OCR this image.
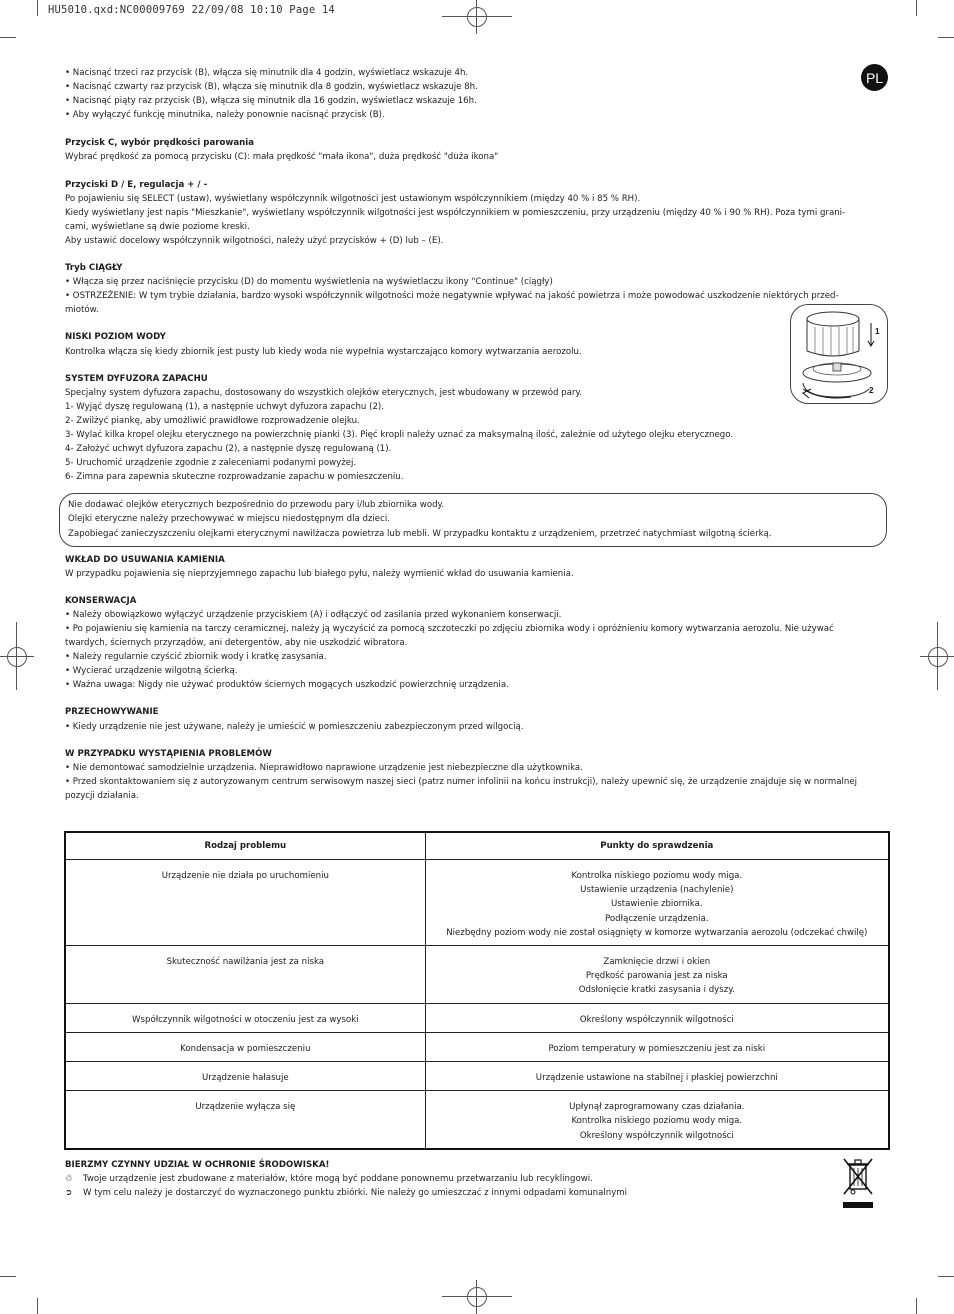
HU5010.qxd:NC00009769 22/09/08 10:10 Page 14
PL

• Nacisnąć trzeci raz przycisk (B), włącza się minutnik dla 4 godzin, wyświetlacz wskazuje 4h.

• Nacisnąć czwarty raz przycisk (B), włącza się minutnik dla 8 godzin, wyświetlacz wskazuje 8h.

• Nacisnąć piąty raz przycisk (B), włącza się minutnik dla 16 godzin, wyświetlacz wskazuje 16h.

• Aby wyłączyć funkcję minutnika, należy ponownie nacisnąć przycisk (B).

Przycisk C, wybór prędkości parowania

Wybrać prędkość za pomocą przycisku (C): mała prędkość "mała ikona", duża prędkość "duża ikona"

Przyciski D / E, regulacja + / -

Po pojawieniu się SELECT (ustaw), wyświetlany współczynnik wilgotności jest ustawionym współczynnikiem (między 40 % i 85 % RH).

Kiedy wyświetlany jest napis "Mieszkanie", wyświetlany współczynnik wilgotności jest współczynnikiem w pomieszczeniu, przy urządzeniu (między 40 % i 90 % RH). Poza tymi grani-

cami, wyświetlane są dwie poziome kreski.

Aby ustawić docelowy współczynnik wilgotności, należy użyć przycisków + (D) lub – (E).

Tryb CIĄGŁY

• Włącza się przez naciśnięcie przycisku (D) do momentu wyświetlenia na wyświetlaczu ikony "Continue" (ciągły)

• OSTRZEŻENIE: W tym trybie działania, bardzo wysoki współczynnik wilgotności może negatywnie wpływać na jakość powietrza i może powodować uszkodzenie niektórych przed-

miotów.

NISKI POZIOM WODY

Kontrolka włącza się kiedy zbiornik jest pusty lub kiedy woda nie wypełnia wystarczająco komory wytwarzania aerozolu.

SYSTEM DYFUZORA ZAPACHU

Specjalny system dyfuzora zapachu, dostosowany do wszystkich olejków eterycznych, jest wbudowany w przewód pary.

1- Wyjąć dyszę regulowaną (1), a następnie uchwyt dyfuzora zapachu (2).

2- Zwilżyć piankę, aby umożliwić prawidłowe rozprowadzenie olejku.

3- Wylać kilka kropel olejku eterycznego na powierzchnię pianki (3). Pięć kropli należy uznać za maksymalną ilość, zależnie od użytego olejku eterycznego.

4- Założyć uchwyt dyfuzora zapachu (2), a następnie dyszę regulowaną (1).

5- Uruchomić urządzenie zgodnie z zaleceniami podanymi powyżej.

6- Zimna para zapewnia skuteczne rozprowadzanie zapachu w pomieszczeniu.

Nie dodawać olejków eterycznych bezpośrednio do przewodu pary i/lub zbiornika wody.

Olejki eteryczne należy przechowywać w miejscu niedostępnym dla dzieci.

Zapobiegać zanieczyszczeniu olejkami eterycznymi nawilżacza powietrza lub mebli. W przypadku kontaktu z urządzeniem, przetrzeć natychmiast wilgotną ścierką.

WKŁAD DO USUWANIA KAMIENIA

W przypadku pojawienia się nieprzyjemnego zapachu lub białego pyłu, należy wymienić wkład do usuwania kamienia.

KONSERWACJA

• Należy obowiązkowo wyłączyć urządzenie przyciskiem (A) i odłączyć od zasilania przed wykonaniem konserwacji.

• Po pojawieniu się kamienia na tarczy ceramicznej, należy ją wyczyścić za pomocą szczoteczki po zdjęciu zbiornika wody i opróżnieniu komory wytwarzania aerozolu. Nie używać

twardych, ściernych przyrządów, ani detergentów, aby nie uszkodzić wibratora.

• Należy regularnie czyścić zbiornik wody i kratkę zasysania.

• Wycierać urządzenie wilgotną ścierką.

• Ważna uwaga: Nigdy nie używać produktów ściernych mogących uszkodzić powierzchnię urządzenia.

PRZECHOWYWANIE

• Kiedy urządzenie nie jest używane, należy je umieścić w pomieszczeniu zabezpieczonym przed wilgocią.

W PRZYPADKU WYSTĄPIENIA PROBLEMÓW

• Nie demontować samodzielnie urządzenia. Nieprawidłowo naprawione urządzenie jest niebezpieczne dla użytkownika.

• Przed skontaktowaniem się z autoryzowanym centrum serwisowym naszej sieci (patrz numer infolinii na końcu instrukcji), należy upewnić się, że urządzenie znajduje się w normalnej

pozycji działania.

1
2
Rodzaj problemu	Punkty do sprawdzenia
Urządzenie nie działa po uruchomieniu	Kontrolka niskiego poziomu wody miga.
Ustawienie urządzenia (nachylenie)
Ustawienie zbiornika.
Podłączenie urządzenia.
Niezbędny poziom wody nie został osiągnięty w komorze wytwarzania aerozolu (odczekać chwilę)

Skuteczność nawilżania jest za niska	Zamknięcie drzwi i okien
Prędkość parowania jest za niska
Odsłonięcie kratki zasysania i dyszy.

Współczynnik wilgotności w otoczeniu jest za wysoki	Określony współczynnik wilgotności

Kondensacja w pomieszczeniu	Poziom temperatury w pomieszczeniu jest za niski

Urządzenie hałasuje	Urządzenie ustawione na stabilnej i płaskiej powierzchni

Urządzenie wyłącza się	Upłynął zaprogramowany czas działania.
Kontrolka niskiego poziomu wody miga.
Określony współczynnik wilgotności

BIERZMY CZYNNY UDZIAŁ W OCHRONIE ŚRODOWISKA!

♲ Twoje urządzenie jest zbudowane z materiałów, które mogą być poddane ponownemu przetwarzaniu lub recyklingowi.

➲ W tym celu należy je dostarczyć do wyznaczonego punktu zbiórki. Nie należy go umieszczać z innymi odpadami komunalnymi
